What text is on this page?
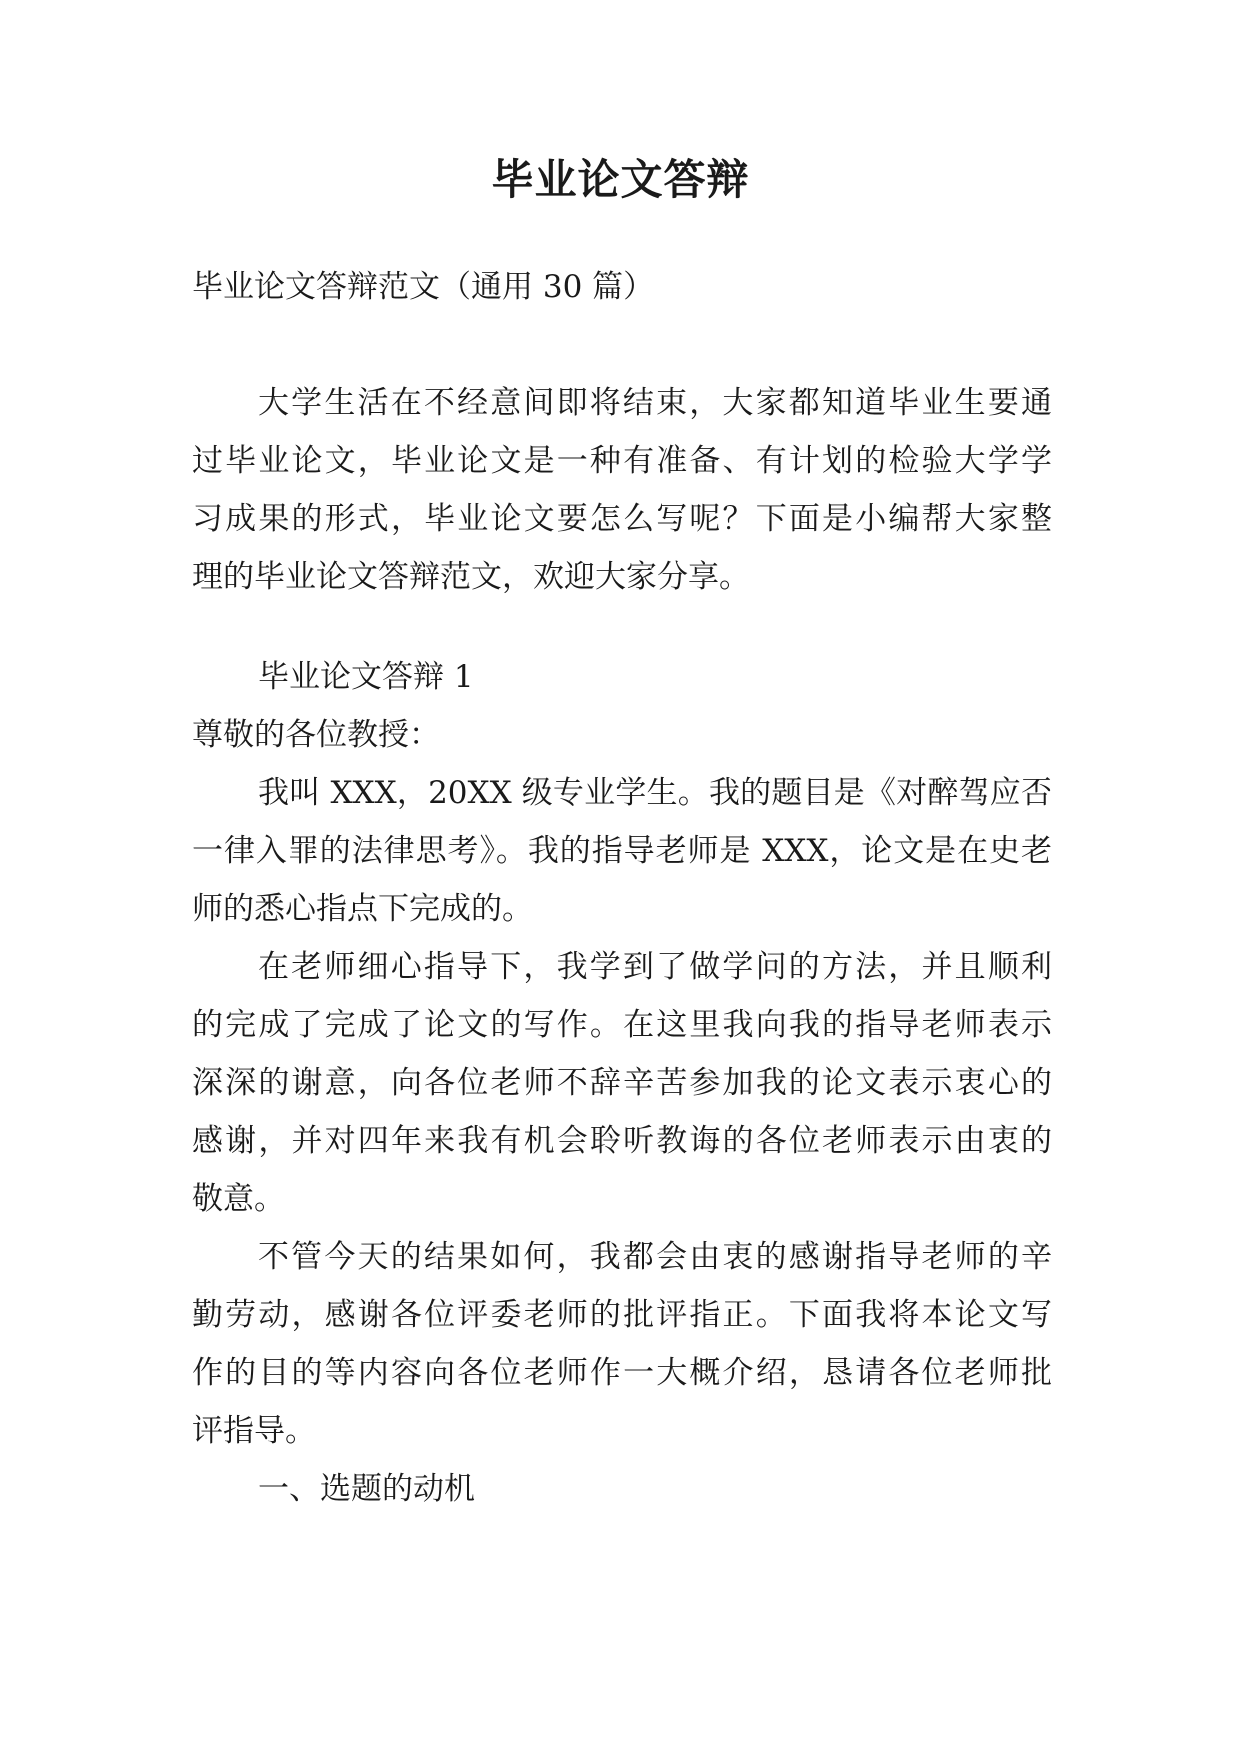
毕业论文答辩
毕业论文答辩范文（通用 30 篇）
大学生活在不经意间即将结束，大家都知道毕业生要通
过毕业论文，毕业论文是一种有准备、有计划的检验大学学
习成果的形式，毕业论文要怎么写呢？下面是小编帮大家整
理的毕业论文答辩范文，欢迎大家分享。
毕业论文答辩 1
尊敬的各位教授：
我叫 XXX，20XX 级专业学生。我的题目是《对醉驾应否
一律入罪的法律思考》。我的指导老师是 XXX，论文是在史老
师的悉心指点下完成的。
在老师细心指导下，我学到了做学问的方法，并且顺利
的完成了完成了论文的写作。在这里我向我的指导老师表示
深深的谢意，向各位老师不辞辛苦参加我的论文表示衷心的
感谢，并对四年来我有机会聆听教诲的各位老师表示由衷的
敬意。
不管今天的结果如何，我都会由衷的感谢指导老师的辛
勤劳动，感谢各位评委老师的批评指正。下面我将本论文写
作的目的等内容向各位老师作一大概介绍，恳请各位老师批
评指导。
一、选题的动机
